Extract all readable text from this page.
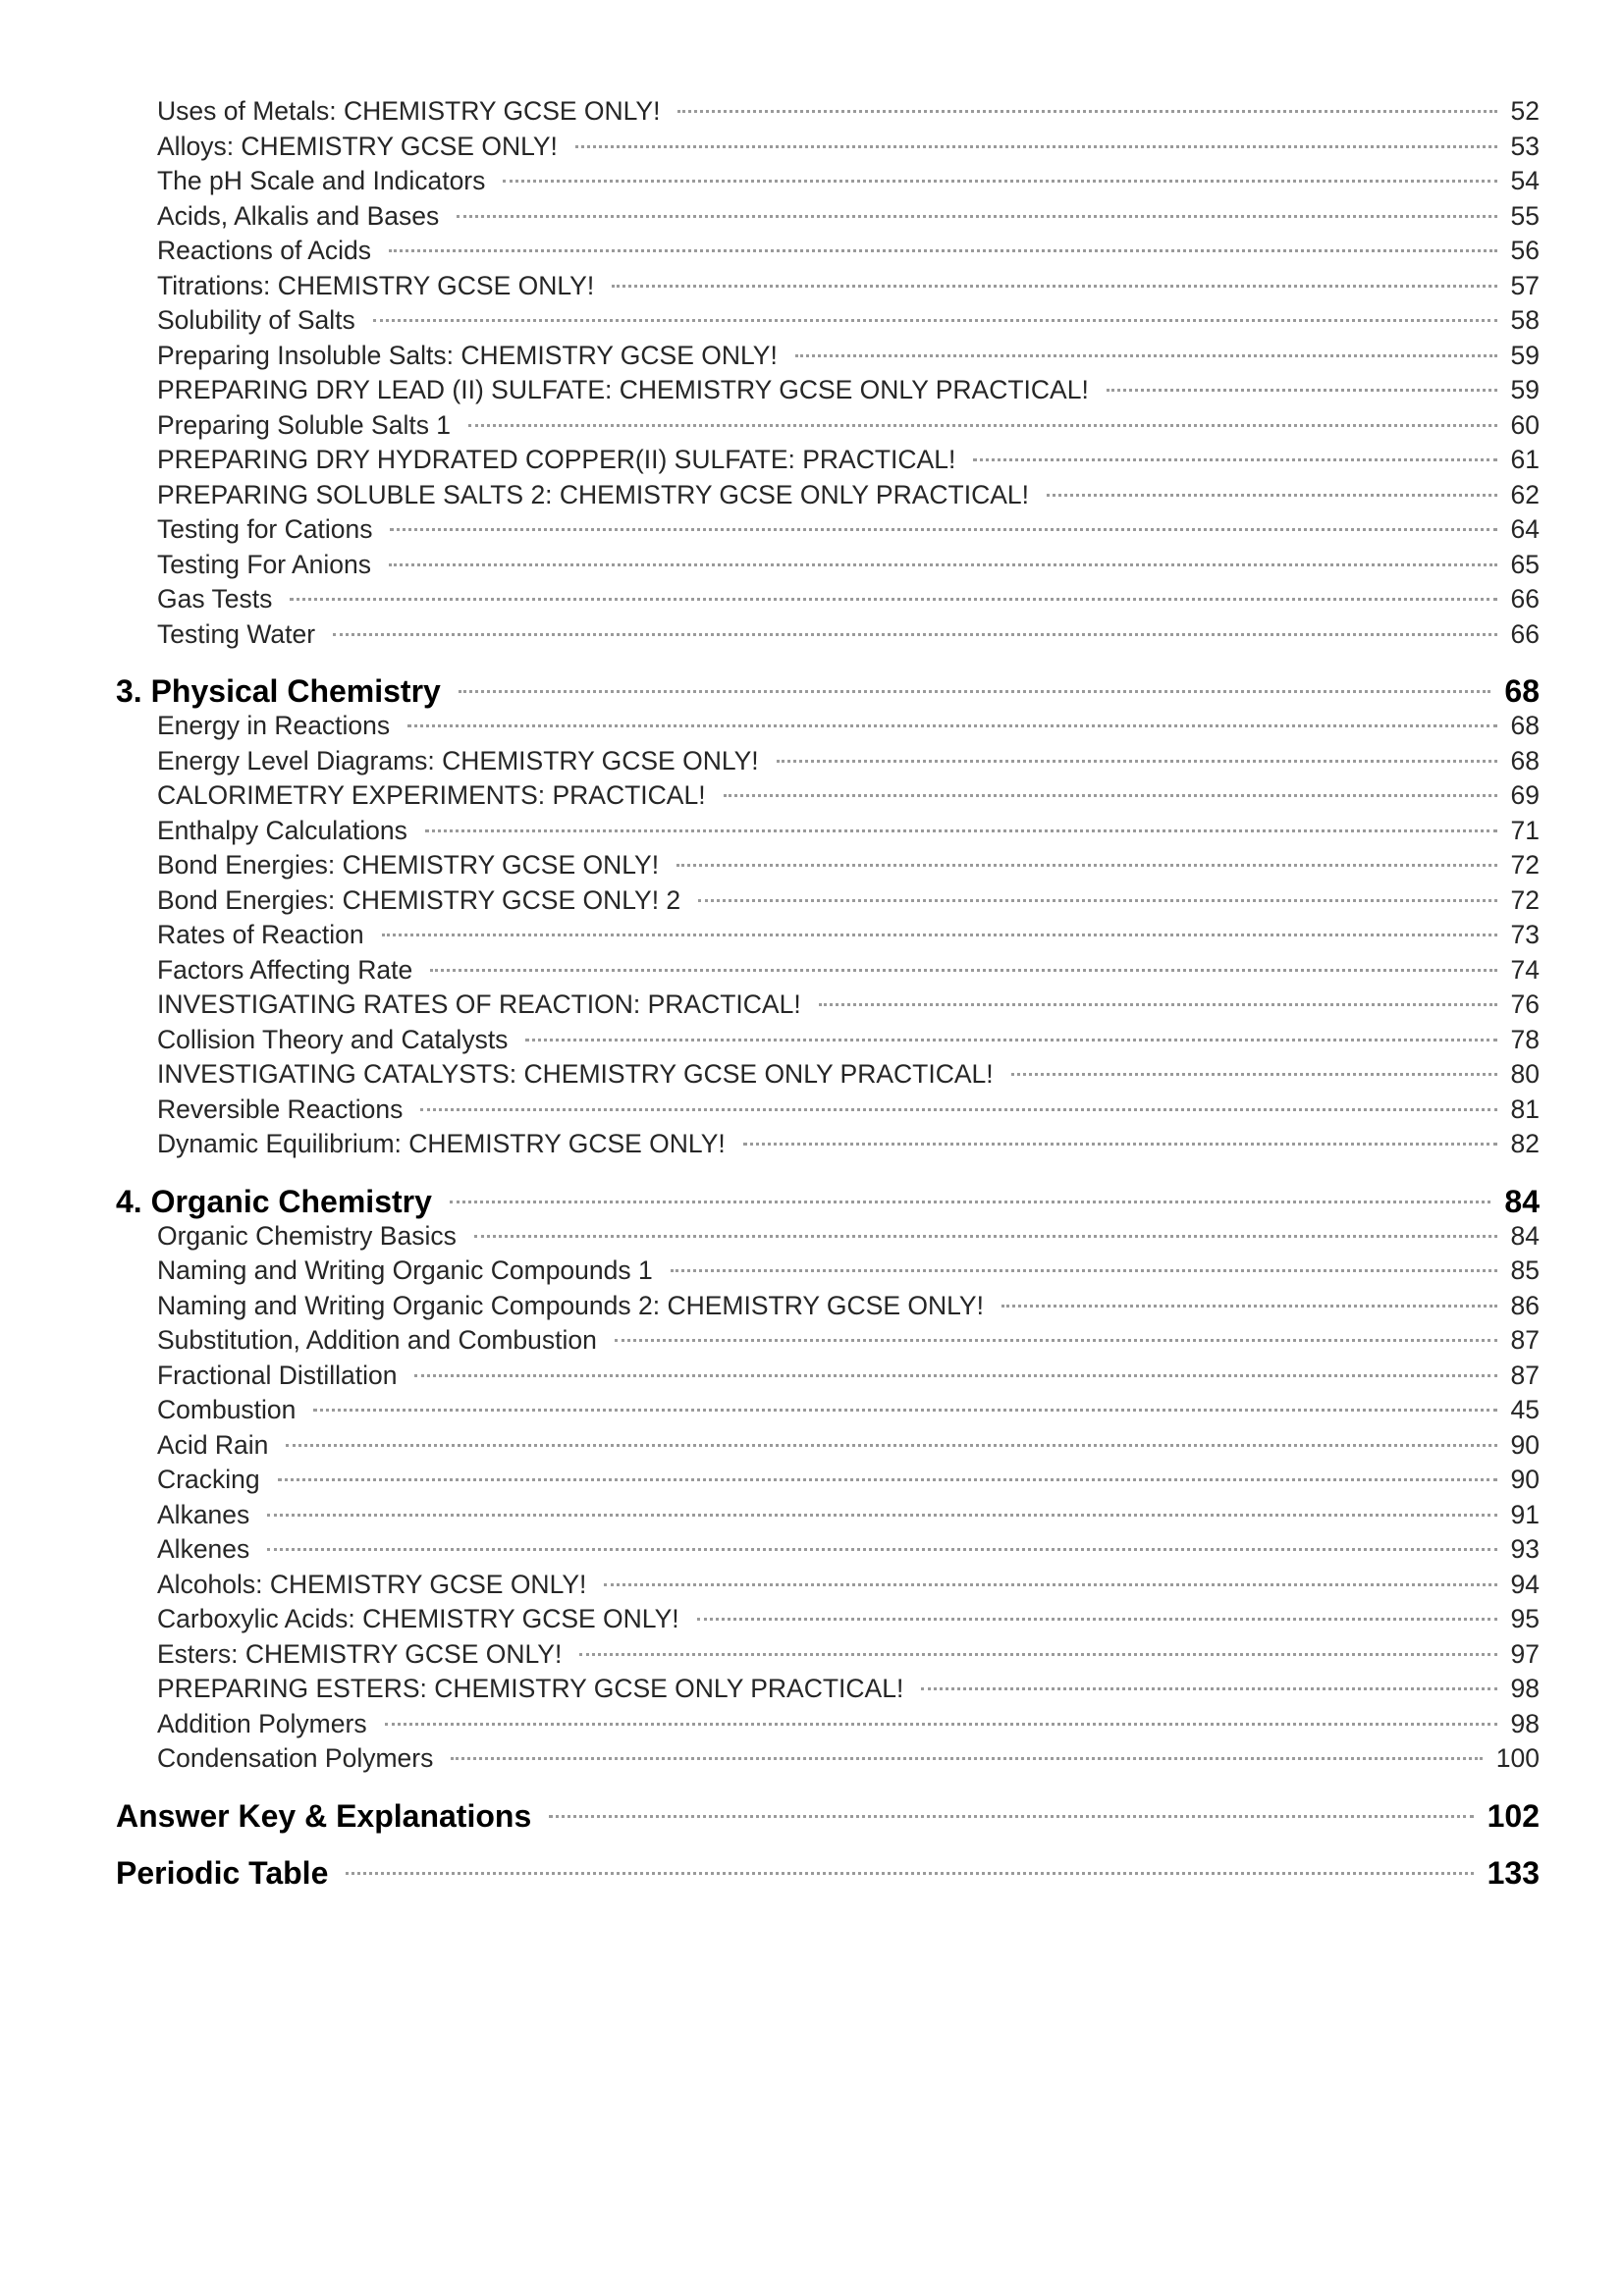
Uses of Metals: CHEMISTRY GCSE ONLY!	52
Alloys: CHEMISTRY GCSE ONLY!	53
The pH Scale and Indicators	54
Acids, Alkalis and Bases	55
Reactions of Acids	56
Titrations: CHEMISTRY GCSE ONLY!	57
Solubility of Salts	58
Preparing Insoluble Salts: CHEMISTRY GCSE ONLY!	59
PREPARING DRY LEAD (II) SULFATE: CHEMISTRY GCSE ONLY PRACTICAL!	59
Preparing Soluble Salts 1	60
PREPARING DRY HYDRATED COPPER(II) SULFATE: PRACTICAL!	61
PREPARING SOLUBLE SALTS 2: CHEMISTRY GCSE ONLY PRACTICAL!	62
Testing for Cations	64
Testing For Anions	65
Gas Tests	66
Testing Water	66
3. Physical Chemistry	68
Energy in Reactions	68
Energy Level Diagrams: CHEMISTRY GCSE ONLY!	68
CALORIMETRY EXPERIMENTS: PRACTICAL!	69
Enthalpy Calculations	71
Bond Energies: CHEMISTRY GCSE ONLY!	72
Bond Energies: CHEMISTRY GCSE ONLY! 2	72
Rates of Reaction	73
Factors Affecting Rate	74
INVESTIGATING RATES OF REACTION: PRACTICAL!	76
Collision Theory and Catalysts	78
INVESTIGATING CATALYSTS: CHEMISTRY GCSE ONLY PRACTICAL!	80
Reversible Reactions	81
Dynamic Equilibrium: CHEMISTRY GCSE ONLY!	82
4. Organic Chemistry	84
Organic Chemistry Basics	84
Naming and Writing Organic Compounds 1	85
Naming and Writing Organic Compounds 2: CHEMISTRY GCSE ONLY!	86
Substitution, Addition and Combustion	87
Fractional Distillation	87
Combustion	45
Acid Rain	90
Cracking	90
Alkanes	91
Alkenes	93
Alcohols: CHEMISTRY GCSE ONLY!	94
Carboxylic Acids: CHEMISTRY GCSE ONLY!	95
Esters: CHEMISTRY GCSE ONLY!	97
PREPARING ESTERS: CHEMISTRY GCSE ONLY PRACTICAL!	98
Addition Polymers	98
Condensation Polymers	100
Answer Key & Explanations	102
Periodic Table	133
